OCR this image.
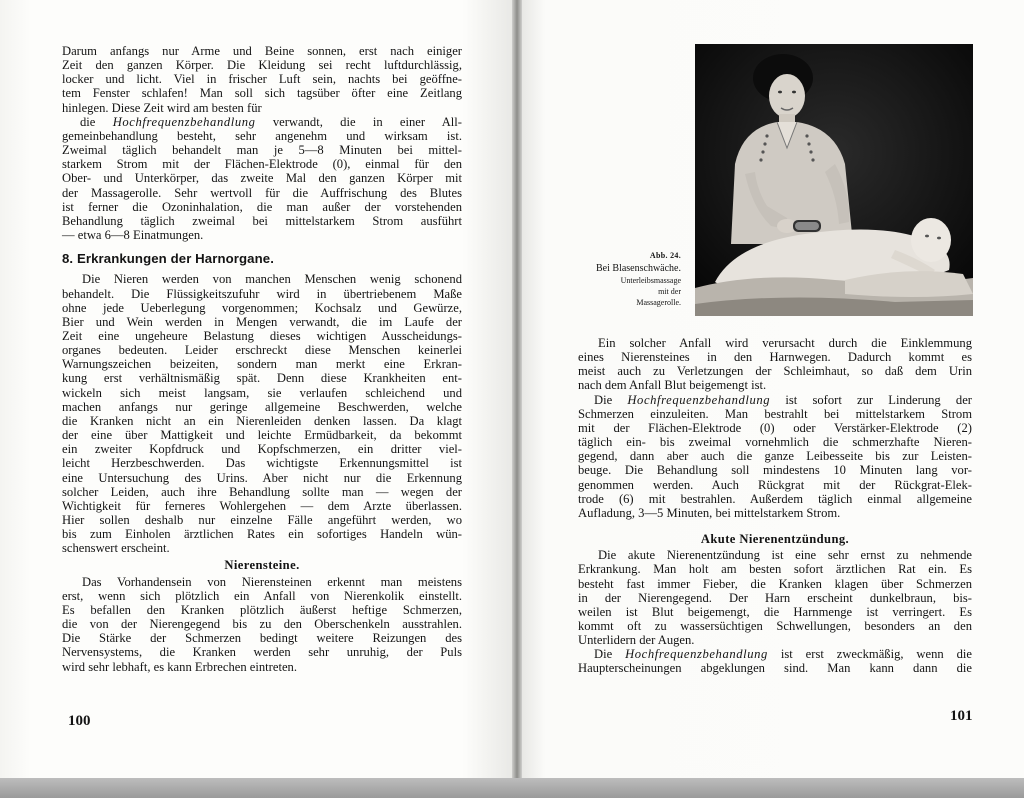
Darum anfangs nur Arme und Beine sonnen, erst nach einiger
Zeit den ganzen Körper. Die Kleidung sei recht luftdurchlässig,
locker und licht. Viel in frischer Luft sein, nachts bei geöffne-
tem Fenster schlafen! Man soll sich tagsüber öfter eine Zeitlang
hinlegen. Diese Zeit wird am besten für

die Hochfrequenzbehandlung verwandt, die in einer All-
gemeinbehandlung besteht, sehr angenehm und wirksam ist.
Zweimal täglich behandelt man je 5—8 Minuten bei mittel-
starkem Strom mit der Flächen-Elektrode (0), einmal für den
Ober- und Unterkörper, das zweite Mal den ganzen Körper mit
der Massagerolle. Sehr wertvoll für die Auffrischung des Blutes
ist ferner die Ozoninhalation, die man außer der vorstehenden
Behandlung täglich zweimal bei mittelstarkem Strom ausführt
— etwa 6—8 Einatmungen.

8. Erkrankungen der Harnorgane.

Die Nieren werden von manchen Menschen wenig schonend
behandelt. Die Flüssigkeitszufuhr wird in übertriebenem Maße
ohne jede Ueberlegung vorgenommen; Kochsalz und Gewürze,
Bier und Wein werden in Mengen verwandt, die im Laufe der
Zeit eine ungeheure Belastung dieses wichtigen Ausscheidungs-
organes bedeuten. Leider erschreckt diese Menschen keinerlei
Warnungszeichen beizeiten, sondern man merkt eine Erkran-
kung erst verhältnismäßig spät. Denn diese Krankheiten ent-
wickeln sich meist langsam, sie verlaufen schleichend und
machen anfangs nur geringe allgemeine Beschwerden, welche
die Kranken nicht an ein Nierenleiden denken lassen. Da klagt
der eine über Mattigkeit und leichte Ermüdbarkeit, da bekommt
ein zweiter Kopfdruck und Kopfschmerzen, ein dritter viel-
leicht Herzbeschwerden. Das wichtigste Erkennungsmittel ist
eine Untersuchung des Urins. Aber nicht nur die Erkennung
solcher Leiden, auch ihre Behandlung sollte man — wegen der
Wichtigkeit für ferneres Wohlergehen — dem Arzte überlassen.
Hier sollen deshalb nur einzelne Fälle angeführt werden, wo
bis zum Einholen ärztlichen Rates ein sofortiges Handeln wün-
schenswert erscheint.

Nierensteine.

Das Vorhandensein von Nierensteinen erkennt man meistens
erst, wenn sich plötzlich ein Anfall von Nierenkolik einstellt.
Es befallen den Kranken plötzlich äußerst heftige Schmerzen,
die von der Nierengegend bis zu den Oberschenkeln ausstrahlen.
Die Stärke der Schmerzen bedingt weitere Reizungen des
Nervensystems, die Kranken werden sehr unruhig, der Puls
wird sehr lebhaft, es kann Erbrechen eintreten.

100
Abb. 24.
Bei Blasenschwäche.
Unterleibsmassage
mit der
Massagerolle.

Ein solcher Anfall wird verursacht durch die Einklemmung
eines Nierensteines in den Harnwegen. Dadurch kommt es
meist auch zu Verletzungen der Schleimhaut, so daß dem Urin
nach dem Anfall Blut beigemengt ist.

Die Hochfrequenzbehandlung ist sofort zur Linderung der
Schmerzen einzuleiten. Man bestrahlt bei mittelstarkem Strom
mit der Flächen-Elektrode (0) oder Verstärker-Elektrode (2)
täglich ein- bis zweimal vornehmlich die schmerzhafte Nieren-
gegend, dann aber auch die ganze Leibesseite bis zur Leisten-
beuge. Die Behandlung soll mindestens 10 Minuten lang vor-
genommen werden. Auch Rückgrat mit der Rückgrat-Elek-
trode (6) mit bestrahlen. Außerdem täglich einmal allgemeine
Aufladung, 3—5 Minuten, bei mittelstarkem Strom.

Akute Nierenentzündung.

Die akute Nierenentzündung ist eine sehr ernst zu nehmende
Erkrankung. Man holt am besten sofort ärztlichen Rat ein. Es
besteht fast immer Fieber, die Kranken klagen über Schmerzen
in der Nierengegend. Der Harn erscheint dunkelbraun, bis-
weilen ist Blut beigemengt, die Harnmenge ist verringert. Es
kommt oft zu wassersüchtigen Schwellungen, besonders an den
Unterlidern der Augen.

Die Hochfrequenzbehandlung ist erst zweckmäßig, wenn die
Haupterscheinungen abgeklungen sind. Man kann dann die

101
